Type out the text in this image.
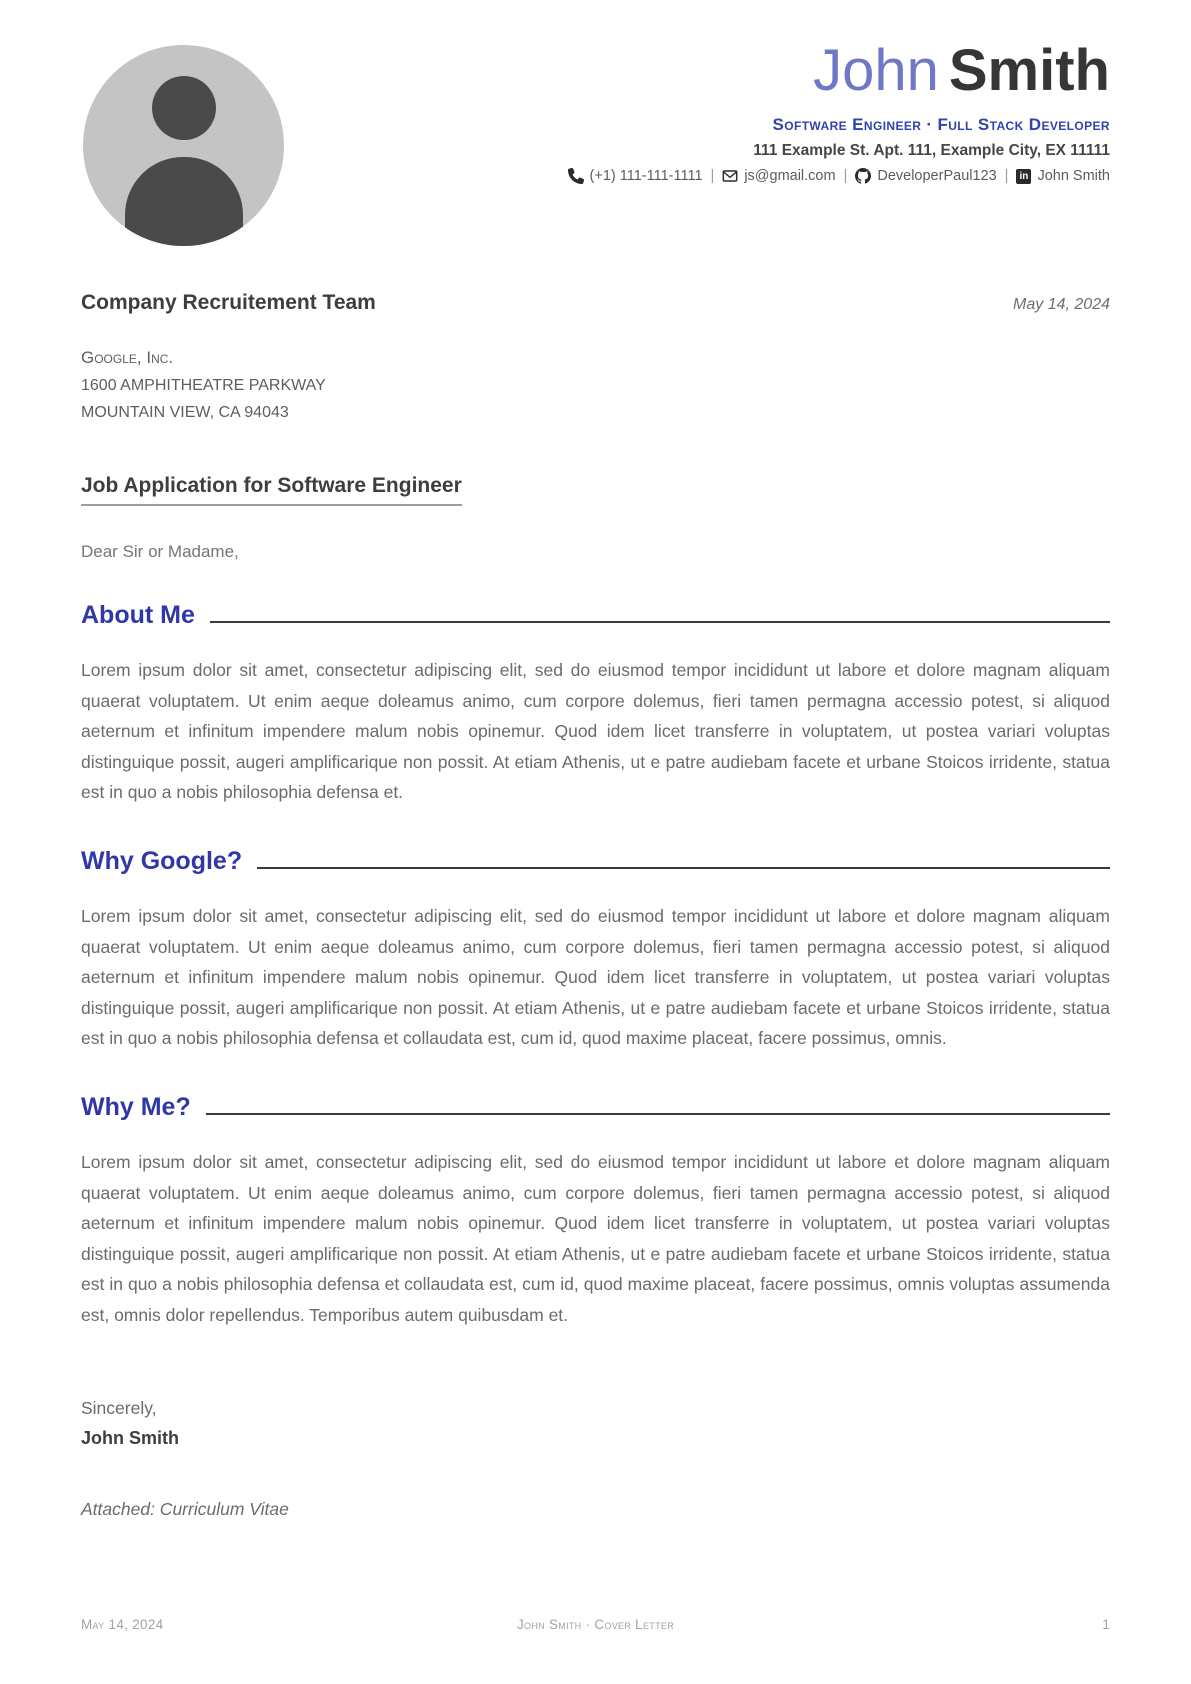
John Smith
Software Engineer · Full Stack Developer
111 Example St. Apt. 111, Example City, EX 11111
(+1) 111-111-1111 | js@gmail.com | DeveloperPaul123 |	in John Smith
Company Recruitement Team	May 14, 2024
Google, Inc.
1600 AMPHITHEATRE PARKWAY
MOUNTAIN VIEW, CA 94043
Job Application for Software Engineer
Dear Sir or Madame,
About Me
Lorem ipsum dolor sit amet, consectetur adipiscing elit, sed do eiusmod tempor incididunt ut labore et dolore magnam aliquam quaerat voluptatem. Ut enim aeque doleamus animo, cum corpore dolemus, fieri tamen permagna accessio potest, si aliquod aeternum et infinitum impendere malum nobis opinemur. Quod idem licet transferre in voluptatem, ut postea variari voluptas distinguique possit, augeri amplificarique non possit. At etiam Athenis, ut e patre audiebam facete et urbane Stoicos irridente, statua est in quo a nobis philosophia defensa et.
Why Google?
Lorem ipsum dolor sit amet, consectetur adipiscing elit, sed do eiusmod tempor incididunt ut labore et dolore magnam aliquam quaerat voluptatem. Ut enim aeque doleamus animo, cum corpore dolemus, fieri tamen permagna accessio potest, si aliquod aeternum et infinitum impendere malum nobis opinemur. Quod idem licet transferre in voluptatem, ut postea variari voluptas distinguique possit, augeri amplificarique non possit. At etiam Athenis, ut e patre audiebam facete et urbane Stoicos irridente, statua est in quo a nobis philosophia defensa et collaudata est, cum id, quod maxime placeat, facere possimus, omnis.
Why Me?
Lorem ipsum dolor sit amet, consectetur adipiscing elit, sed do eiusmod tempor incididunt ut labore et dolore magnam aliquam quaerat voluptatem. Ut enim aeque doleamus animo, cum corpore dolemus, fieri tamen permagna accessio potest, si aliquod aeternum et infinitum impendere malum nobis opinemur. Quod idem licet transferre in voluptatem, ut postea variari voluptas distinguique possit, augeri amplificarique non possit. At etiam Athenis, ut e patre audiebam facete et urbane Stoicos irridente, statua est in quo a nobis philosophia defensa et collaudata est, cum id, quod maxime placeat, facere possimus, omnis voluptas assumenda est, omnis dolor repellendus. Temporibus autem quibusdam et.
Sincerely,
John Smith
Attached: Curriculum Vitae
May 14, 2024	John Smith · Cover Letter	1
